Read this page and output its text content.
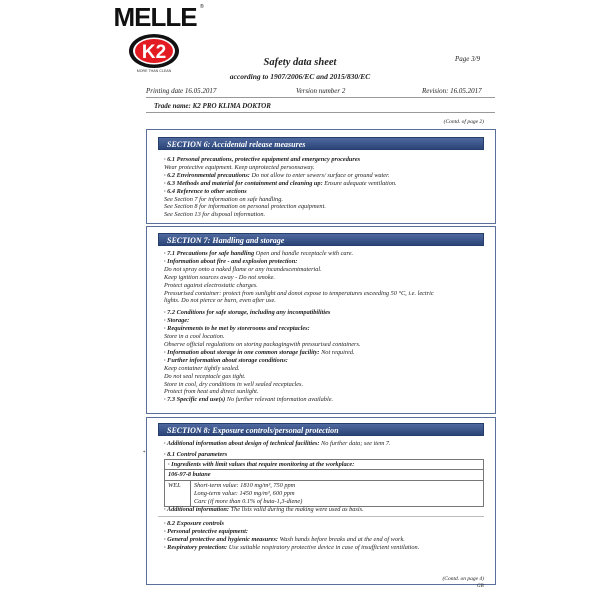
MELLE ®
K2
MORE THAN CLEAN
Page 3/9
Safety data sheet
according to 1907/2006/EC and 2015/830/EC
Printing date 16.05.2017	Version number 2	Revision: 16.05.2017
Trade name: K2 PRO KLIMA DOKTOR
(Contd. of page 2)
SECTION 6: Accidental release measures
· 6.1 Personal precautions, protective equipment and emergency procedures
Wear protective equipment. Keep unprotected personsaway.
· 6.2 Environmental precautions: Do not allow to enter sewers/ surface or ground water.
· 6.3 Methods and material for containment and cleaning up: Ensure adequate ventilation.
· 6.4 Reference to other sections
See Section 7 for information on safe handling.
See Section 8 for information on personal protection equipment.
See Section 13 for disposal information.
SECTION 7: Handling and storage
· 7.1 Precautions for safe handling Open and handle receptacle with care.
· Information about fire - and explosion protection:
Do not spray onto a naked flame or any incandescentmaterial.
Keep ignition sources away - Do not smoke.
Protect against electrostatic charges.
Pressurised container: protect from sunlight and donot expose to temperatures exceeding 50 °C, i.e. lectric
lights. Do not pierce or burn, even after use.
· 7.2 Conditions for safe storage, including any incompatibilities
· Storage:
· Requirements to be met by storerooms and receptacles:
Store in a cool location.
Observe official regulations on storing packagingwith pressurised containers.
· Information about storage in one common storage facility: Not required.
· Further information about storage conditions:
Keep container tightly sealed.
Do not seal receptacle gas tight.
Store in cool, dry conditions in well sealed receptacles.
Protect from heat and direct sunlight.
· 7.3 Specific end use(s) No further relevant information available.
*
SECTION 8: Exposure controls/personal protection
· Additional information about design of technical facilities: No further data; see item 7.
· 8.1 Control parameters
· Ingredients with limit values that require monitoring at the workplace:
106-97-8 butane
WEL	Short-term value: 1810 mg/m³, 750 ppm
Long-term value: 1450 mg/m³, 600 ppm
Carc (if more than 0.1% of buta-1,3-diene)
· Additional information: The lists valid during the making were used as basis.
· 8.2 Exposure controls
· Personal protective equipment:
· General protective and hygienic measures: Wash hands before breaks and at the end of work.
· Respiratory protection: Use suitable respiratory protective device in case of insufficient ventilation.
(Contd. on page 4)
GB
